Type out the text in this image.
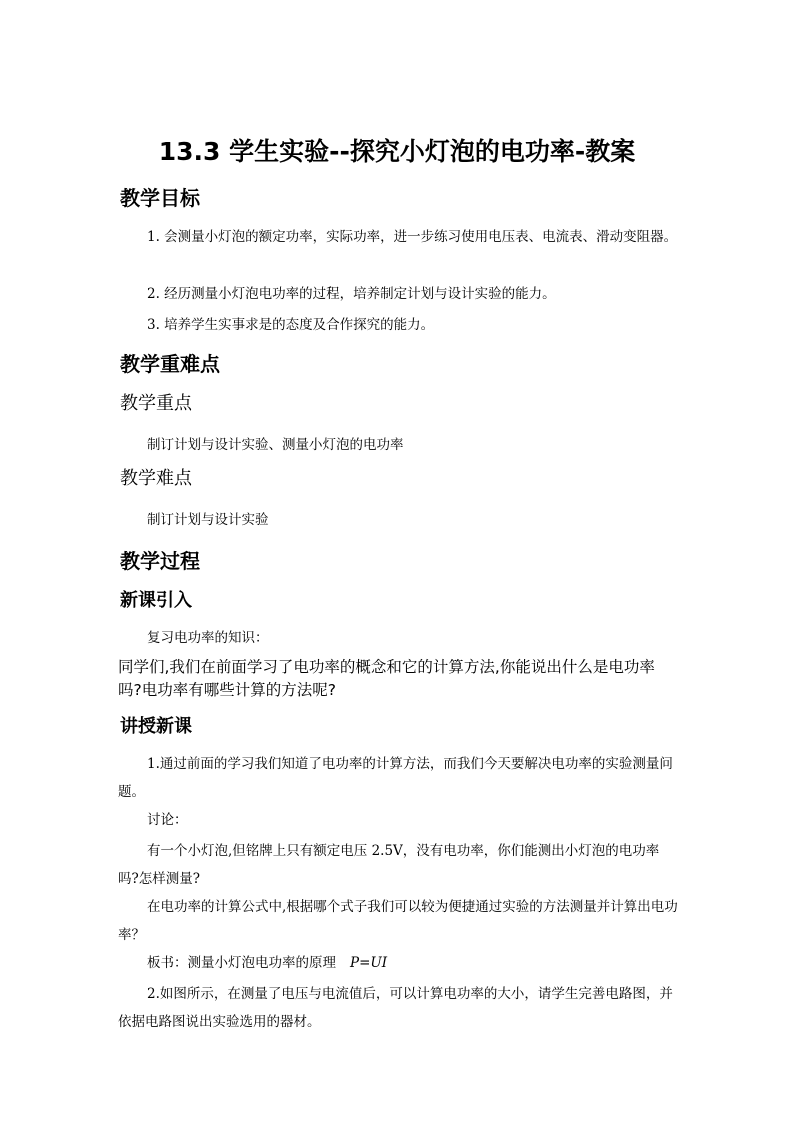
13.3 学生实验--探究小灯泡的电功率-教案
教学目标
1. 会测量小灯泡的额定功率，实际功率，进一步练习使用电压表、电流表、滑动变阻器。
2. 经历测量小灯泡电功率的过程，培养制定计划与设计实验的能力。
3. 培养学生实事求是的态度及合作探究的能力。
教学重难点
教学重点
制订计划与设计实验、测量小灯泡的电功率
教学难点
制订计划与设计实验
教学过程
新课引入
复习电功率的知识：
同学们,我们在前面学习了电功率的概念和它的计算方法,你能说出什么是电功率吗?电功率有哪些计算的方法呢?
讲授新课
1.通过前面的学习我们知道了电功率的计算方法，而我们今天要解决电功率的实验测量问题。
讨论：
有一个小灯泡,但铭牌上只有额定电压 2.5V，没有电功率，你们能测出小灯泡的电功率吗?怎样测量?
在电功率的计算公式中,根据哪个式子我们可以较为便捷通过实验的方法测量并计算出电功率？
板书：测量小灯泡电功率的原理 P=UI
2.如图所示，在测量了电压与电流值后，可以计算电功率的大小，请学生完善电路图，并依据电路图说出实验选用的器材。
